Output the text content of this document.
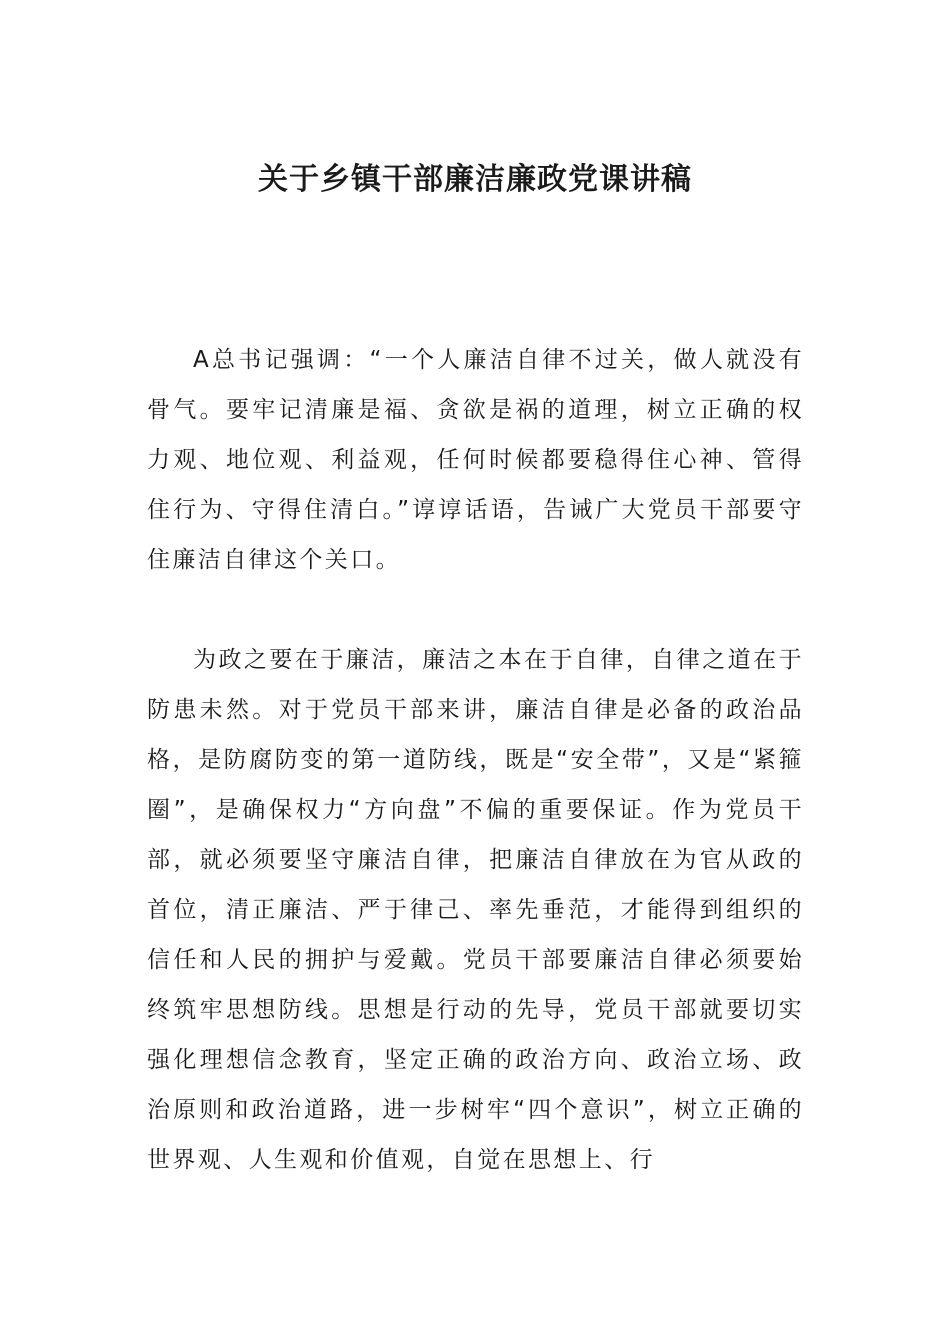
关于乡镇干部廉洁廉政党课讲稿

A总书记强调：“一个人廉洁自律不过关，做人就没有骨气。要牢记清廉是福、贪欲是祸的道理，树立正确的权力观、地位观、利益观，任何时候都要稳得住心神、管得住行为、守得住清白。”谆谆话语，告诫广大党员干部要守住廉洁自律这个关口。

为政之要在于廉洁，廉洁之本在于自律，自律之道在于防患未然。对于党员干部来讲，廉洁自律是必备的政治品格，是防腐防变的第一道防线，既是“安全带”，又是“紧箍圈”，是确保权力“方向盘”不偏的重要保证。作为党员干部，就必须要坚守廉洁自律，把廉洁自律放在为官从政的首位，清正廉洁、严于律己、率先垂范，才能得到组织的信任和人民的拥护与爱戴。党员干部要廉洁自律必须要始终筑牢思想防线。思想是行动的先导，党员干部就要切实强化理想信念教育，坚定正确的政治方向、政治立场、政治原则和政治道路，进一步树牢“四个意识”，树立正确的世界观、人生观和价值观，自觉在思想上、行
